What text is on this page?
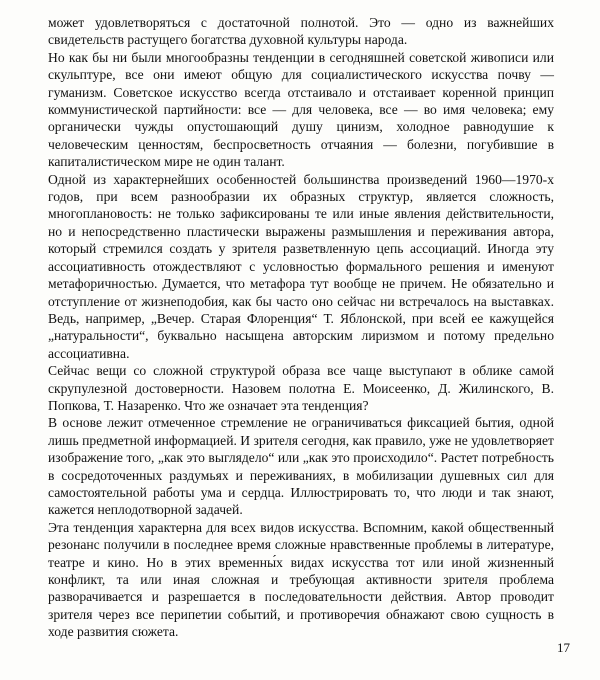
может удовлетворяться с достаточной полнотой. Это — одно из важнейших свидетельств растущего богатства духовной культуры народа.

Но как бы ни были многообразны тенденции в сегодняшней советской живописи или скульптуре, все они имеют общую для социалистического искусства почву — гуманизм. Советское искусство всегда отстаивало и отстаивает коренной принцип коммунистической партийности: все — для человека, все — во имя человека; ему органически чужды опустошающий душу цинизм, холодное равнодушие к человеческим ценностям, беспросветность отчаяния — болезни, погубившие в капиталистическом мире не один талант.

Одной из характернейших особенностей большинства произведений 1960—1970-х годов, при всем разнообразии их образных структур, является сложность, многоплановость: не только зафиксированы те или иные явления действительности, но и непосредственно пластически выражены размышления и переживания автора, который стремился создать у зрителя разветвленную цепь ассоциаций. Иногда эту ассоциативность отождествляют с условностью формального решения и именуют метафоричностью. Думается, что метафора тут вообще не причем. Не обязательно и отступление от жизнеподобия, как бы часто оно сейчас ни встречалось на выставках. Ведь, например, „Вечер. Старая Флоренция“ Т. Яблонской, при всей ее кажущейся „натуральности“, буквально насыщена авторским лиризмом и потому предельно ассоциативна.

Сейчас вещи со сложной структурой образа все чаще выступают в облике самой скрупулезной достоверности. Назовем полотна Е. Моисеенко, Д. Жилинского, В. Попкова, Т. Назаренко. Что же означает эта тенденция?

В основе лежит отмеченное стремление не ограничиваться фиксацией бытия, одной лишь предметной информацией. И зрителя сегодня, как правило, уже не удовлетворяет изображение того, „как это выглядело“ или „как это происходило“. Растет потребность в сосредоточенных раздумьях и переживаниях, в мобилизации душевных сил для самостоятельной работы ума и сердца. Иллюстрировать то, что люди и так знают, кажется неплодотворной задачей.

Эта тенденция характерна для всех видов искусства. Вспомним, какой общественный резонанс получили в последнее время сложные нравственные проблемы в литературе, театре и кино. Но в этих временны́х видах искусства тот или иной жизненный конфликт, та или иная сложная и требующая активности зрителя проблема разворачивается и разрешается в последовательности действия. Автор проводит зрителя через все перипетии событий, и противоречия обнажают свою сущность в ходе развития сюжета.

17
